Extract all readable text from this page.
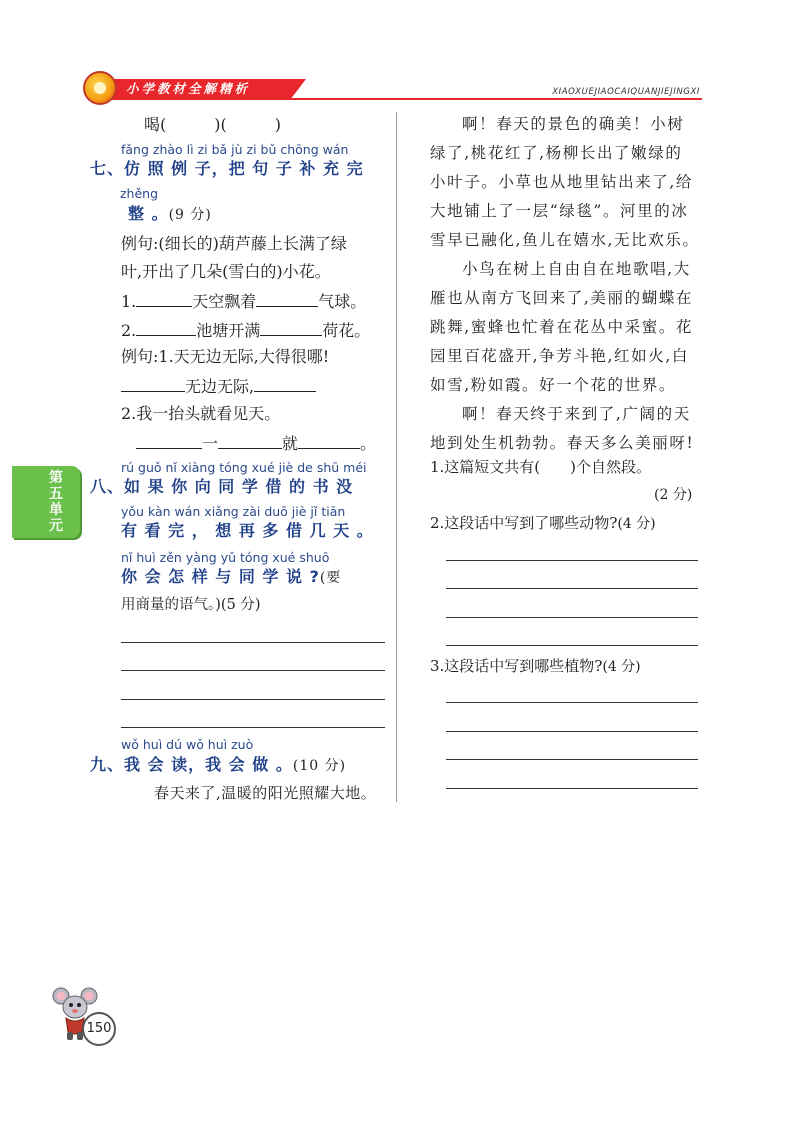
小学教材全解精析	XIAOXUEJIAOCAIQUANJIEJINGXI
喝(　　　)(　　　)
fǎng zhào lì zi bǎ jù zi bǔ chōng wán
七、仿 照 例 子，把 句 子 补 充 完
zhěng
整 。(9 分)
例句:(细长的)葫芦藤上长满了绿
叶,开出了几朵(雪白的)小花。
1.	天空飘着	气球。
2.	池塘开满	荷花。
例句:1.天无边无际,大得很哪!
无边无际,
2.我一抬头就看见天。
一	就	。
rú guǒ nǐ xiàng tóng xué jiè de shū méi
八、如 果 你 向 同 学 借 的 书 没
yǒu kàn wán xiǎng zài duō jiè jǐ tiān
有 看 完 ， 想 再 多 借 几 天 。
nǐ huì zěn yàng yǔ tóng xué shuō
你 会 怎 样 与 同 学 说 ?(要
用商量的语气。)(5 分)
wǒ huì dú wǒ huì zuò
九、我 会 读，我 会 做 。(10 分)
春天来了,温暖的阳光照耀大地。
啊！春天的景色的确美！小树
绿了,桃花红了,杨柳长出了嫩绿的
小叶子。小草也从地里钻出来了,给
大地铺上了一层“绿毯”。河里的冰
雪早已融化,鱼儿在嬉水,无比欢乐。
小鸟在树上自由自在地歌唱,大
雁也从南方飞回来了,美丽的蝴蝶在
跳舞,蜜蜂也忙着在花丛中采蜜。花
园里百花盛开,争芳斗艳,红如火,白
如雪,粉如霞。好一个花的世界。
啊！春天终于来到了,广阔的天
地到处生机勃勃。春天多么美丽呀!
1.这篇短文共有(　　)个自然段。
(2 分)
2.这段话中写到了哪些动物?(4 分)
3.这段话中写到哪些植物?(4 分)
第五单元
150
